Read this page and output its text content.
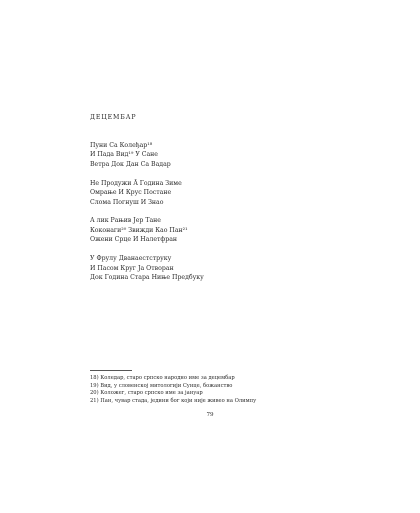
ДЕЦЕМБАР
Пуни Са Колеђар¹⁸
И Пада Вид¹⁹ У Сане
Ветра Док Дан Са Вадар
Не Продужи Ā Година Зиме
Омрање И Крус Постане
Слома Погнуш И Знао
А лик Рањив Јер Тане
Коконаги²⁰ Звижди Као Пан²¹
Ожени Срце И Налетфран
У Фрулу Дванаестструку
И Пасом Круг Ја Отворан
Док Година Стара Ниње Предбуку
18) Коледар, старо српско народно име за децембар
19) Вид, у словенској митологији Сунце, божанство
20) Коложег, старо српско име за јануар
21) Пан, чувар стада, једини бог који није живео на Олимпу
79
